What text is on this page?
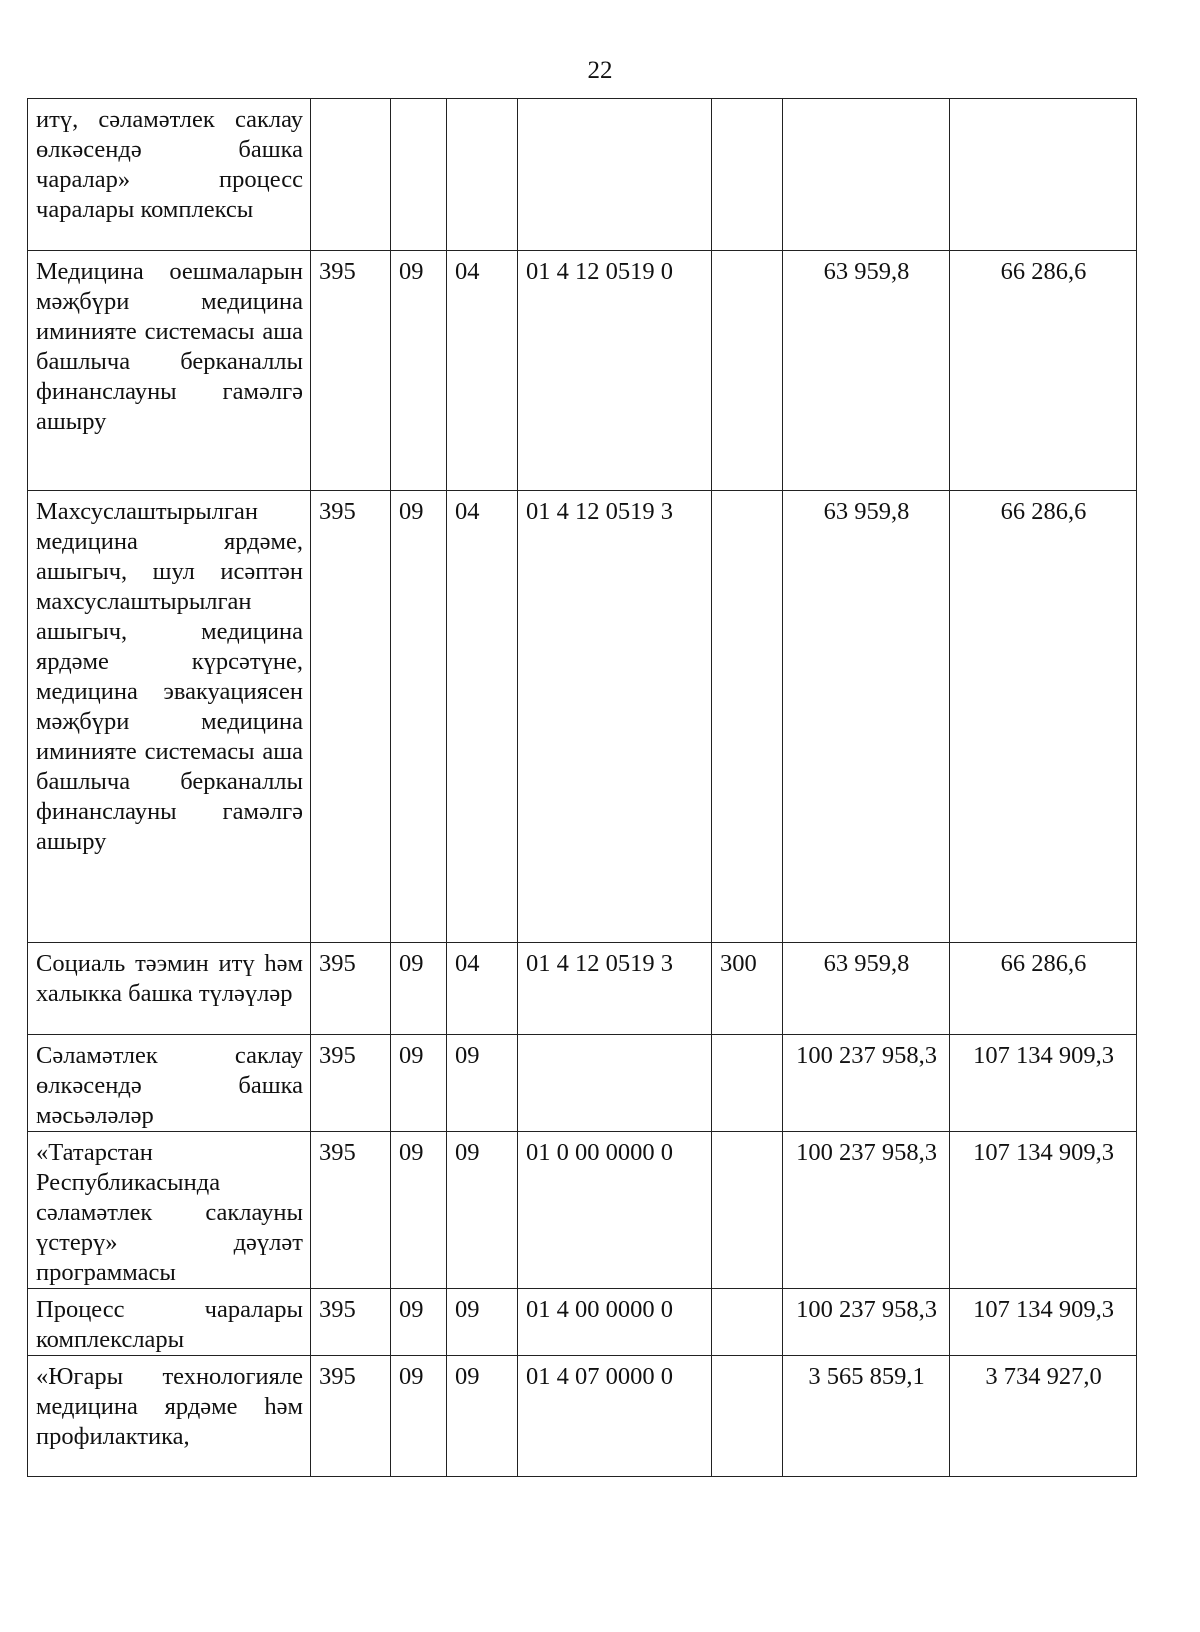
22
итү, сәламәтлек саклау өлкәсендә башка чаралар» процесс чаралары комплексы							
Медицина оешмаларын мәҗбүри медицина иминияте системасы аша башлыча берканаллы финанслауны гамәлгә ашыру	395	09	04	01 4 12 0519 0		63 959,8	66 286,6
Махсуслаштырылган медицина ярдәме, ашыгыч, шул исәптән махсуслаштырылган ашыгыч, медицина ярдәме күрсәтүне, медицина эвакуациясен мәҗбүри медицина иминияте системасы аша башлыча берканаллы финанслауны гамәлгә ашыру	395	09	04	01 4 12 0519 3		63 959,8	66 286,6
Социаль тәэмин итү һәм халыкка башка түләүләр	395	09	04	01 4 12 0519 3	300	63 959,8	66 286,6
Сәламәтлек саклау өлкәсендә башка мәсьәләләр	395	09	09			100 237 958,3	107 134 909,3
«Татарстан Республикасында сәламәтлек саклауны үстерү» дәүләт программасы	395	09	09	01 0 00 0000 0		100 237 958,3	107 134 909,3
Процесс чаралары комплекслары	395	09	09	01 4 00 0000 0		100 237 958,3	107 134 909,3
«Югары технологияле медицина ярдәме һәм профилактика,	395	09	09	01 4 07 0000 0		3 565 859,1	3 734 927,0
